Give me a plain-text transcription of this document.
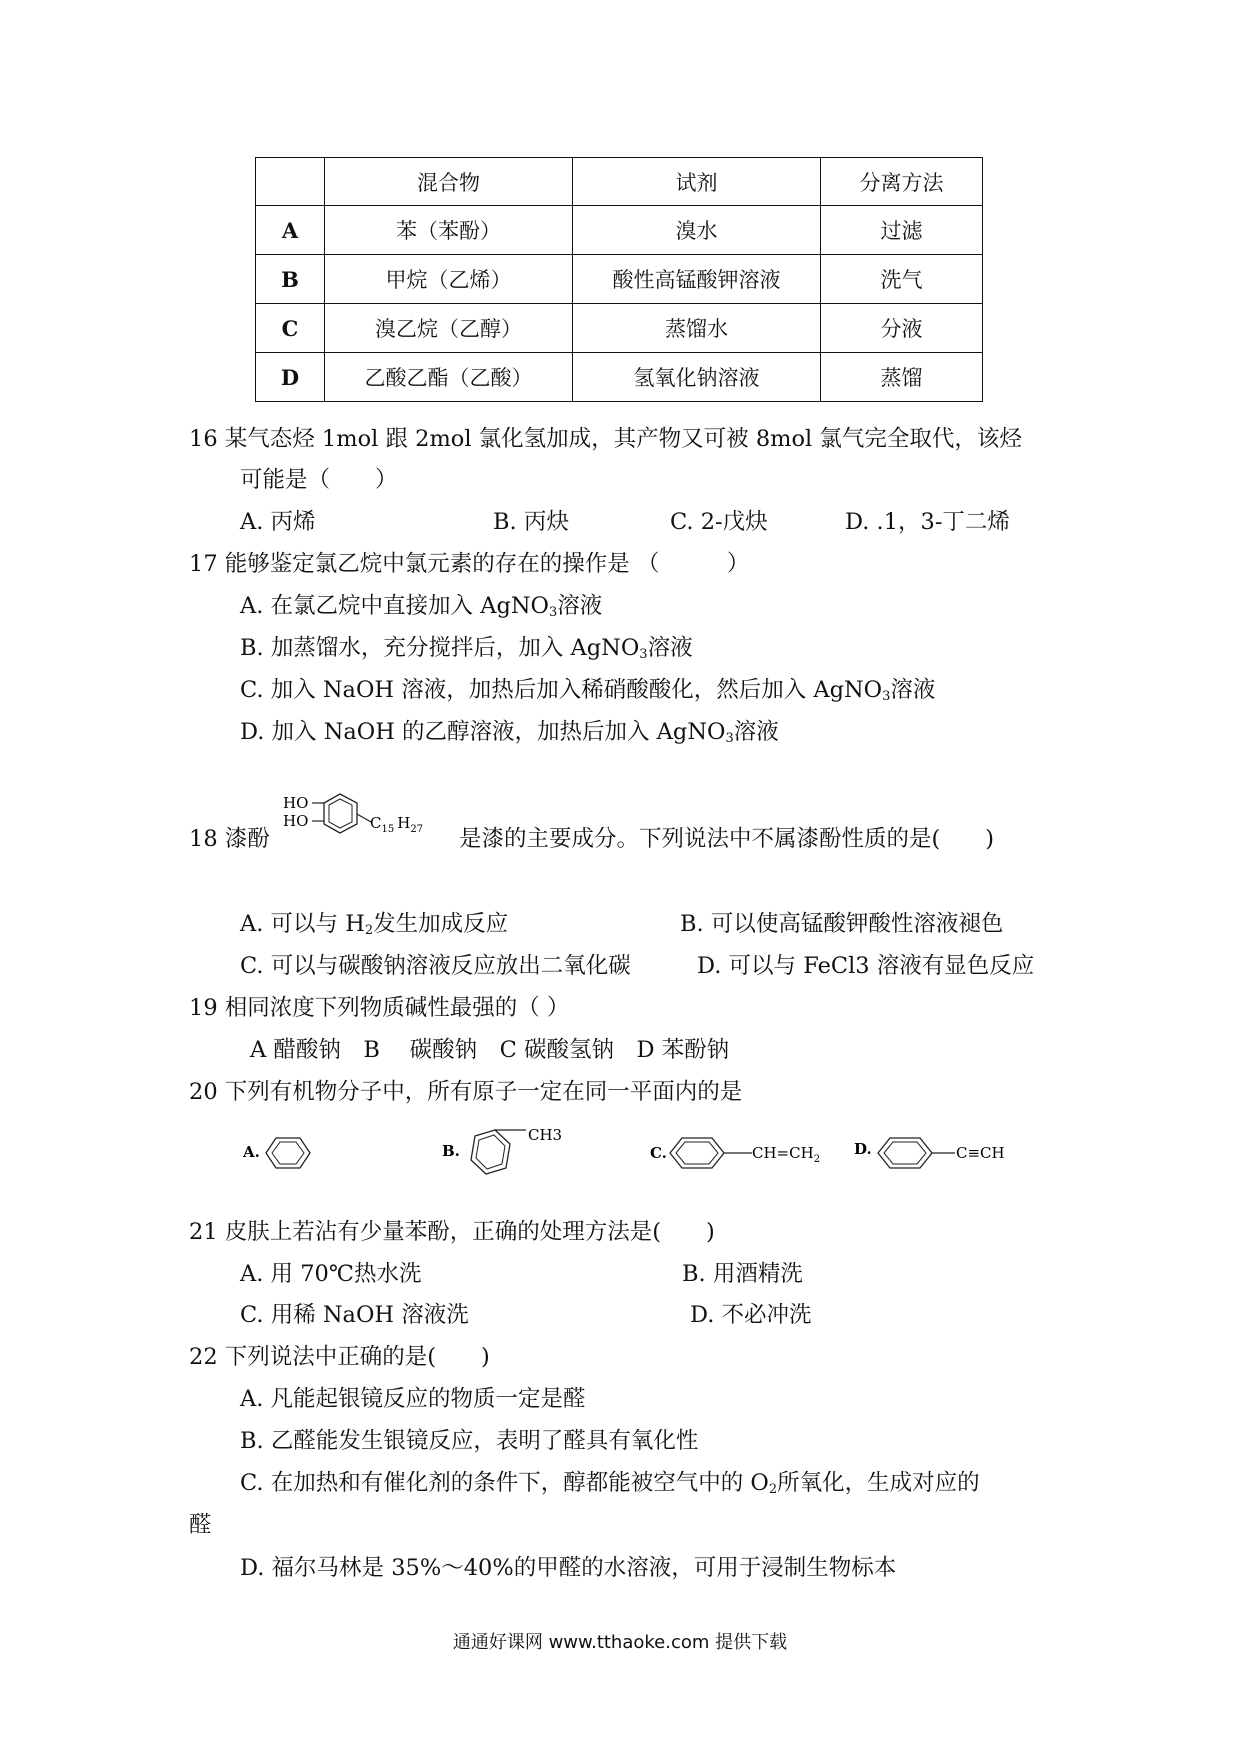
	混合物	试剂	分离方法
A	苯（苯酚）	溴水	过滤
B	甲烷（乙烯）	酸性高锰酸钾溶液	洗气
C	溴乙烷（乙醇）	蒸馏水	分液
D	乙酸乙酯（乙酸）	氢氧化钠溶液	蒸馏
16 某气态烃 1mol 跟 2mol 氯化氢加成，其产物又可被 8mol 氯气完全取代，该烃
可能是（　　）
A. 丙烯	B. 丙炔	C. 2-戊炔	D. .1，3-丁二烯
17 能够鉴定氯乙烷中氯元素的存在的操作是 （　　　）
A. 在氯乙烷中直接加入 AgNO$_3$溶液
B. 加蒸馏水，充分搅拌后，加入 AgNO$_3$溶液
C. 加入 NaOH 溶液，加热后加入稀硝酸酸化，然后加入 AgNO$_3$溶液
D. 加入 NaOH 的乙醇溶液，加热后加入 AgNO$_3$溶液
18 漆酚
HO
HO	$C_{15}$ $H_{27}$ 是漆的主要成分。下列说法中不属漆酚性质的是(　　)
A. 可以与 $H_2$发生加成反应	B. 可以使高锰酸钾酸性溶液褪色
C. 可以与碳酸钠溶液反应放出二氧化碳	D. 可以与 FeCl3 溶液有显色反应
19 相同浓度下列物质碱性最强的（ ）
A 醋酸钠　B　 碳酸钠　C 碳酸氢钠　D 苯酚钠
20 下列有机物分子中，所有原子一定在同一平面内的是
A.	B.
CH3
C.	$CH=CH_2$
D.	C≡CH
21 皮肤上若沾有少量苯酚，正确的处理方法是(　　)
A. 用 70℃热水洗	B. 用酒精洗
C. 用稀 NaOH 溶液洗	D. 不必冲洗
22 下列说法中正确的是(　　)
A. 凡能起银镜反应的物质一定是醛
B. 乙醛能发生银镜反应，表明了醛具有氧化性
C. 在加热和有催化剂的条件下，醇都能被空气中的 $O_2$所氧化，生成对应的
醛
D. 福尔马林是 35%～40%的甲醛的水溶液，可用于浸制生物标本
通通好课网 www.tthaoke.com 提供下载
